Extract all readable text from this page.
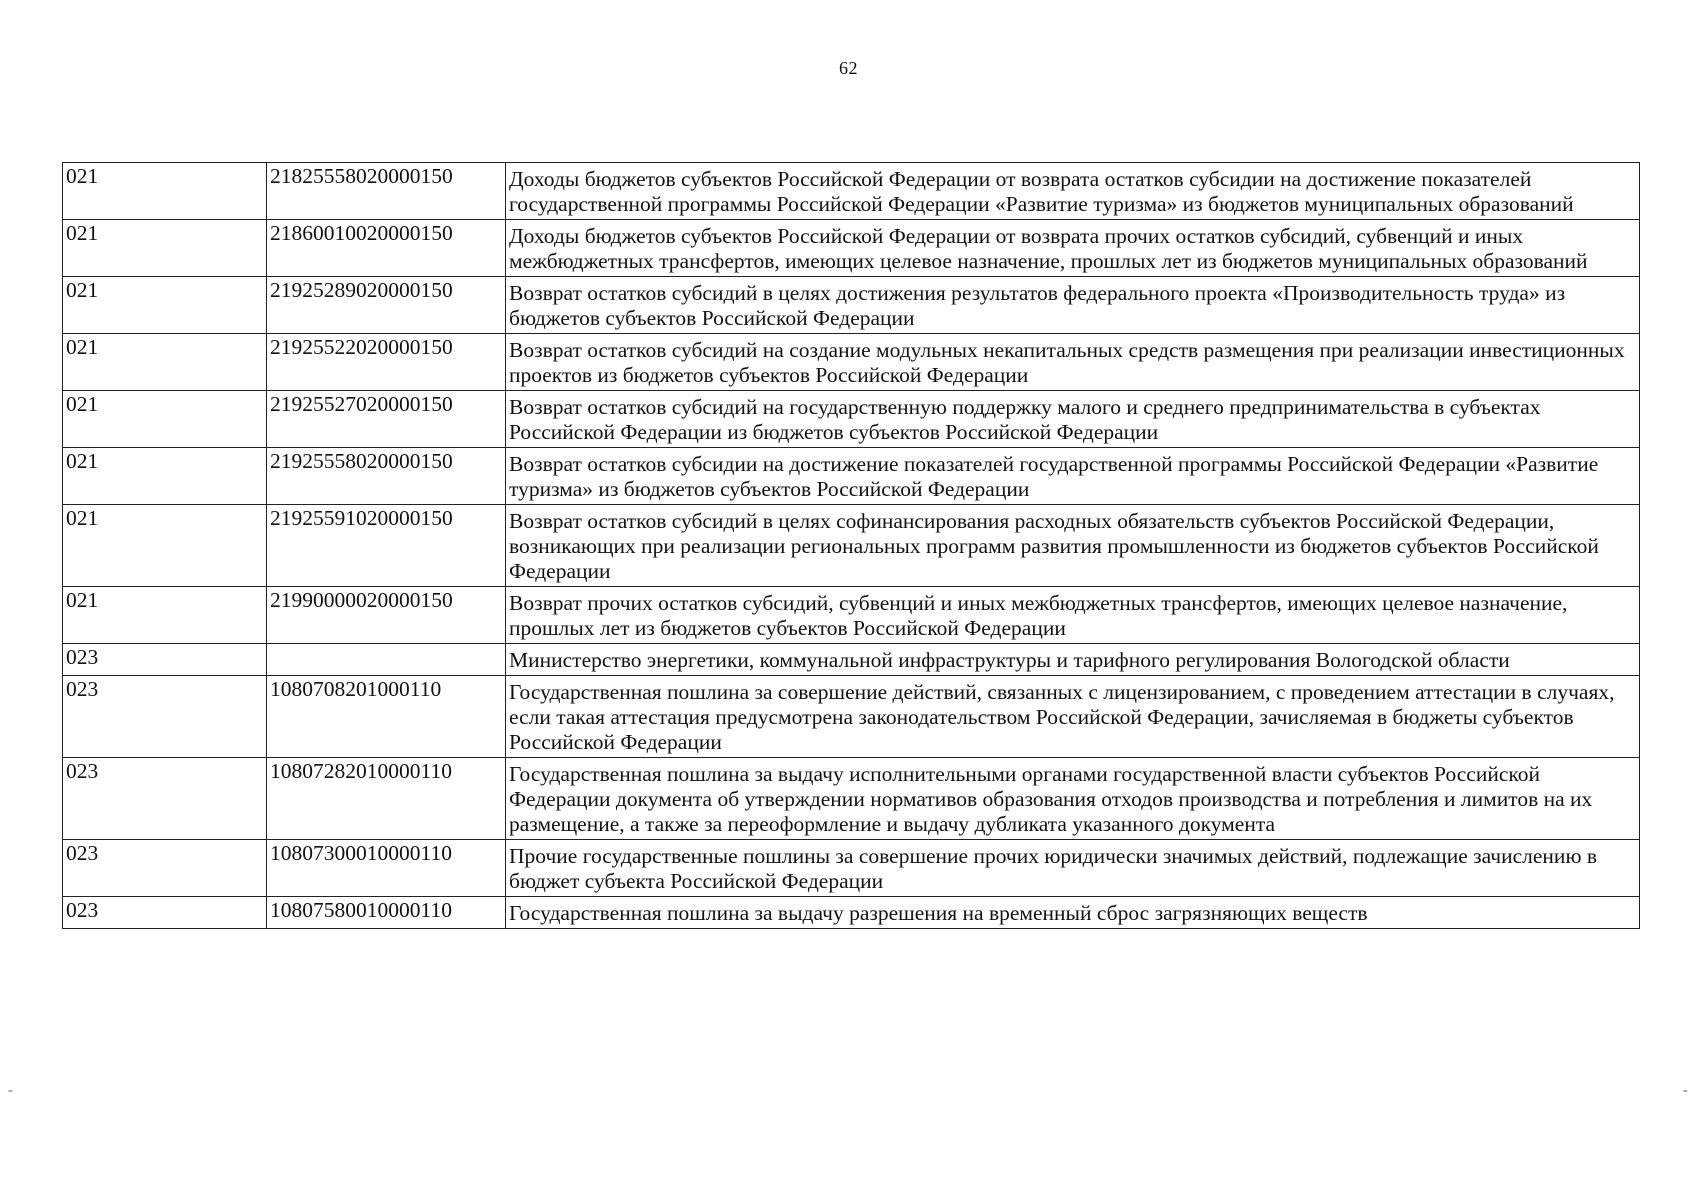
62
021	21825558020000150	Доходы бюджетов субъектов Российской Федерации от возврата остатков субсидии на достижение показателей государственной программы Российской Федерации «Развитие туризма» из бюджетов муниципальных образований
021	21860010020000150	Доходы бюджетов субъектов Российской Федерации от возврата прочих остатков субсидий, субвенций и иных межбюджетных трансфертов, имеющих целевое назначение, прошлых лет из бюджетов муниципальных образований
021	21925289020000150	Возврат остатков субсидий в целях достижения результатов федерального проекта «Производительность труда» из бюджетов субъектов Российской Федерации
021	21925522020000150	Возврат остатков субсидий на создание модульных некапитальных средств размещения при реализации инвестиционных проектов из бюджетов субъектов Российской Федерации
021	21925527020000150	Возврат остатков субсидий на государственную поддержку малого и среднего предпринимательства в субъектах Российской Федерации из бюджетов субъектов Российской Федерации
021	21925558020000150	Возврат остатков субсидии на достижение показателей государственной программы Российской Федерации «Развитие туризма» из бюджетов субъектов Российской Федерации
021	21925591020000150	Возврат остатков субсидий в целях софинансирования расходных обязательств субъектов Российской Федерации, возникающих при реализации региональных программ развития промышленности из бюджетов субъектов Российской Федерации
021	21990000020000150	Возврат прочих остатков субсидий, субвенций и иных межбюджетных трансфертов, имеющих целевое назначение, прошлых лет из бюджетов субъектов Российской Федерации
023		Министерство энергетики, коммунальной инфраструктуры и тарифного регулирования Вологодской области
023	1080708201000110	Государственная пошлина за совершение действий, связанных с лицензированием, с проведением аттестации в случаях, если такая аттестация предусмотрена законодательством Российской Федерации, зачисляемая в бюджеты субъектов Российской Федерации
023	10807282010000110	Государственная пошлина за выдачу исполнительными органами государственной власти субъектов Российской Федерации документа об утверждении нормативов образования отходов производства и потребления и лимитов на их размещение, а также за переоформление и выдачу дубликата указанного документа
023	10807300010000110	Прочие государственные пошлины за совершение прочих юридически значимых действий, подлежащие зачислению в бюджет субъекта Российской Федерации
023	10807580010000110	Государственная пошлина за выдачу разрешения на временный сброс загрязняющих веществ
-	-
